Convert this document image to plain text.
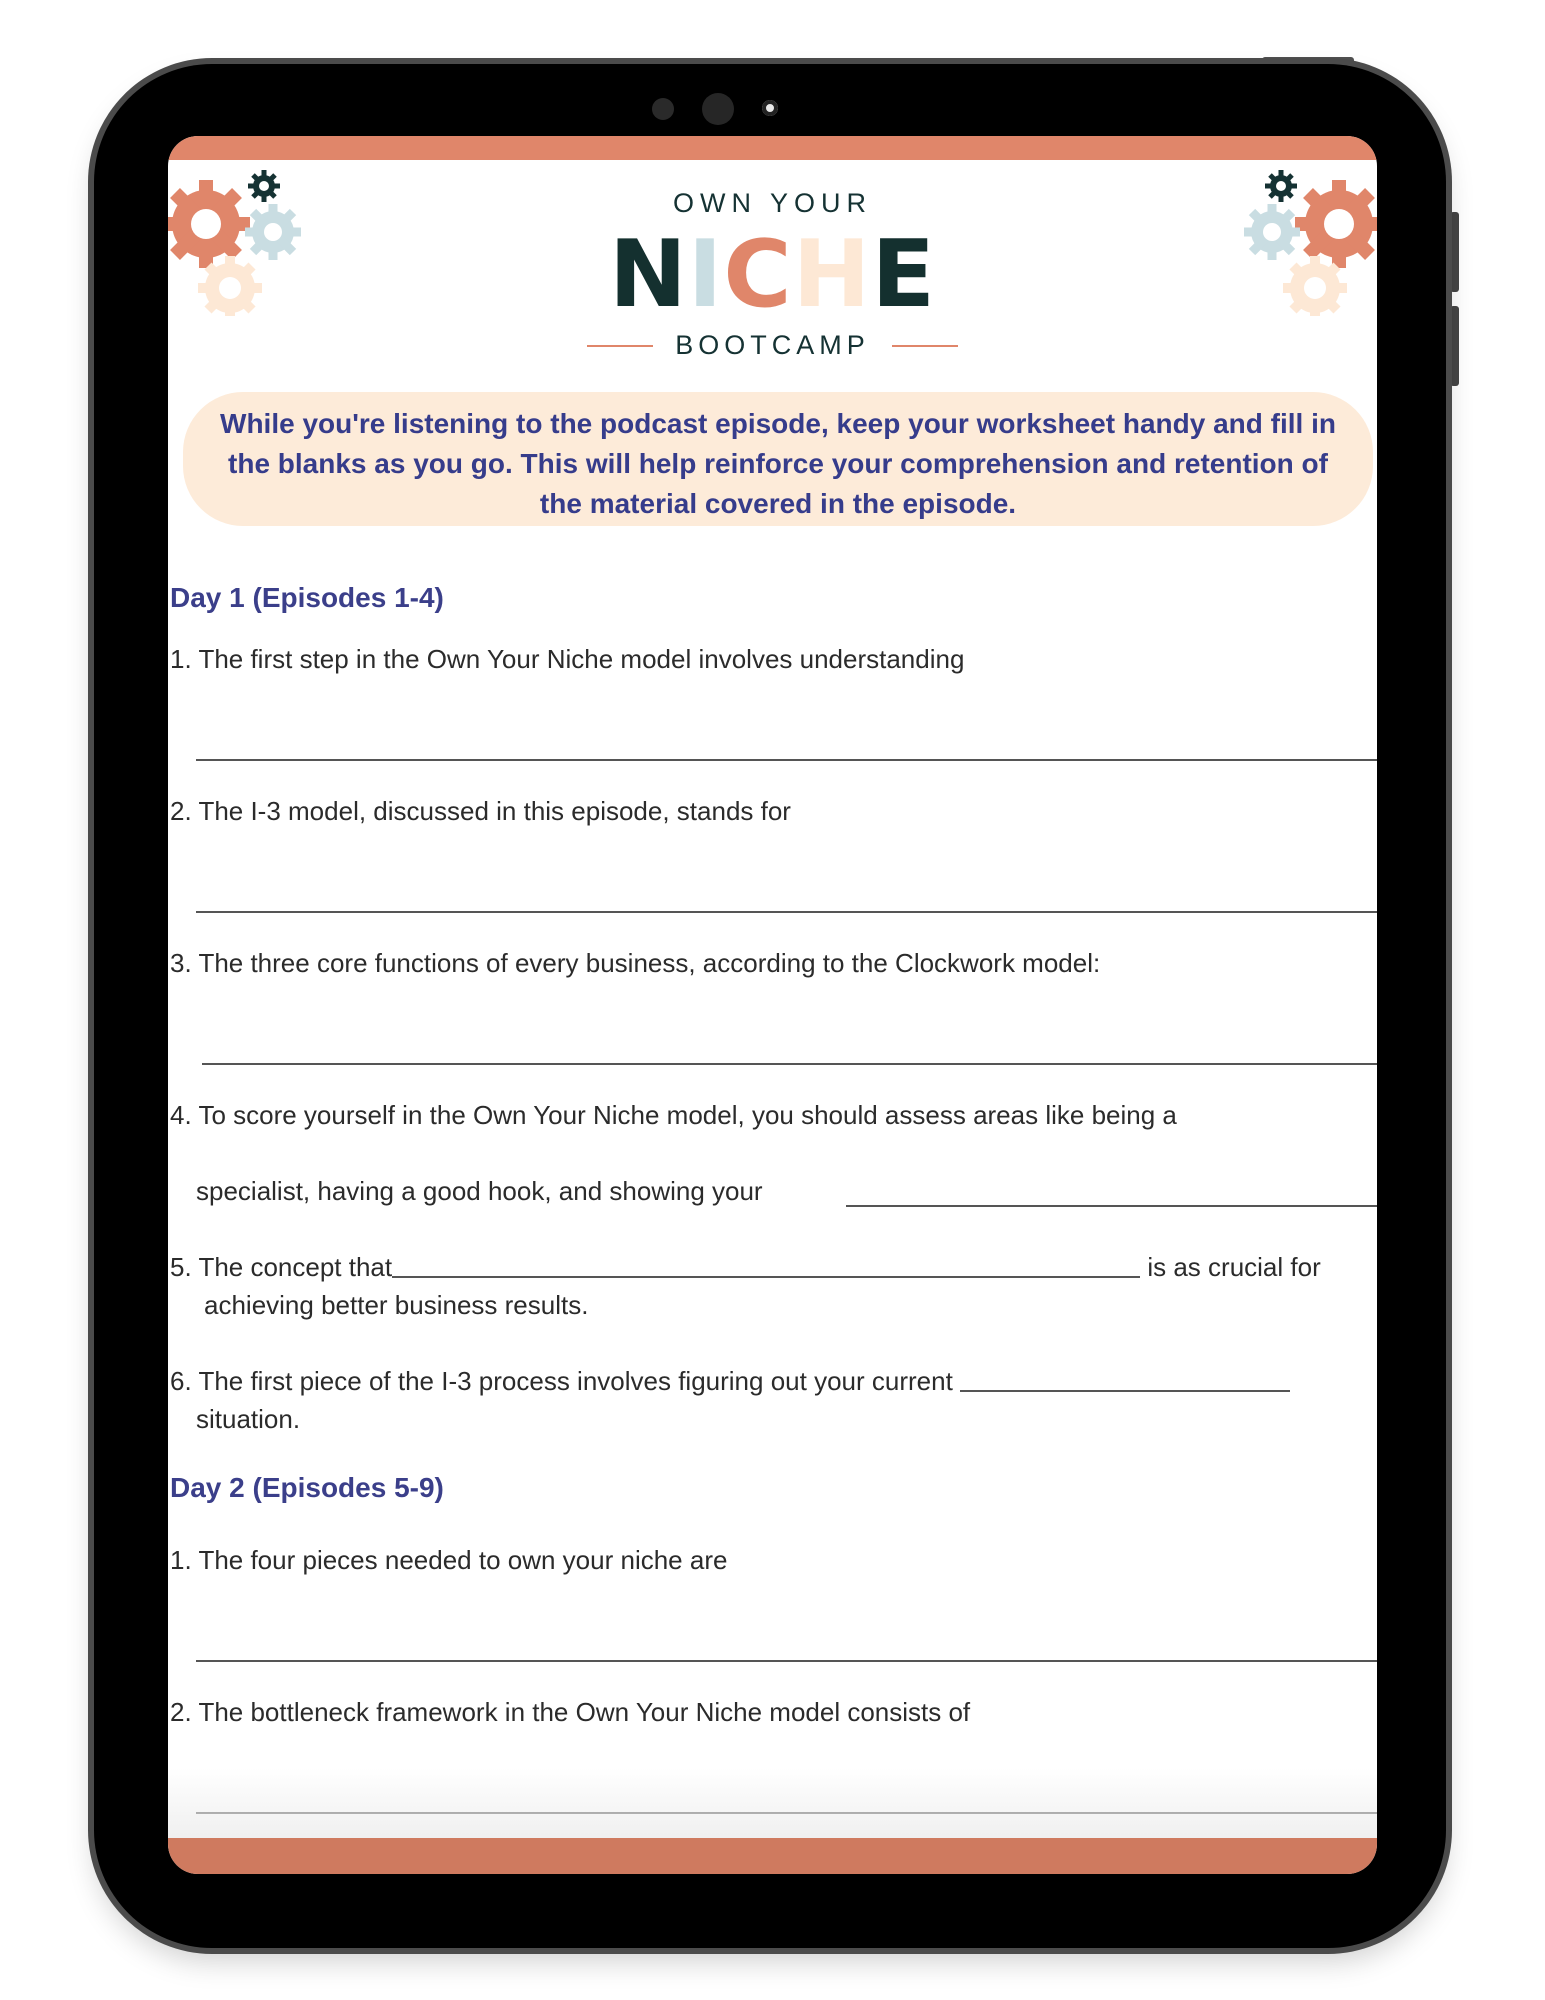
OWN YOUR
NICHE
BOOTCAMP
While you're listening to the podcast episode, keep your worksheet handy and fill in the blanks as you go. This will help reinforce your comprehension and retention of the material covered in the episode.
Day 1 (Episodes 1-4)
1. The first step in the Own Your Niche model involves understanding
2. The I-3 model, discussed in this episode, stands for
3. The three core functions of every business, according to the Clockwork model:
4. To score yourself in the Own Your Niche model, you should assess areas like being a
specialist, having a good hook, and showing your
5. The concept that	is as crucial for
achieving better business results.
6. The first piece of the I-3 process involves figuring out your current
situation.
Day 2 (Episodes 5-9)
1. The four pieces needed to own your niche are
2. The bottleneck framework in the Own Your Niche model consists of
